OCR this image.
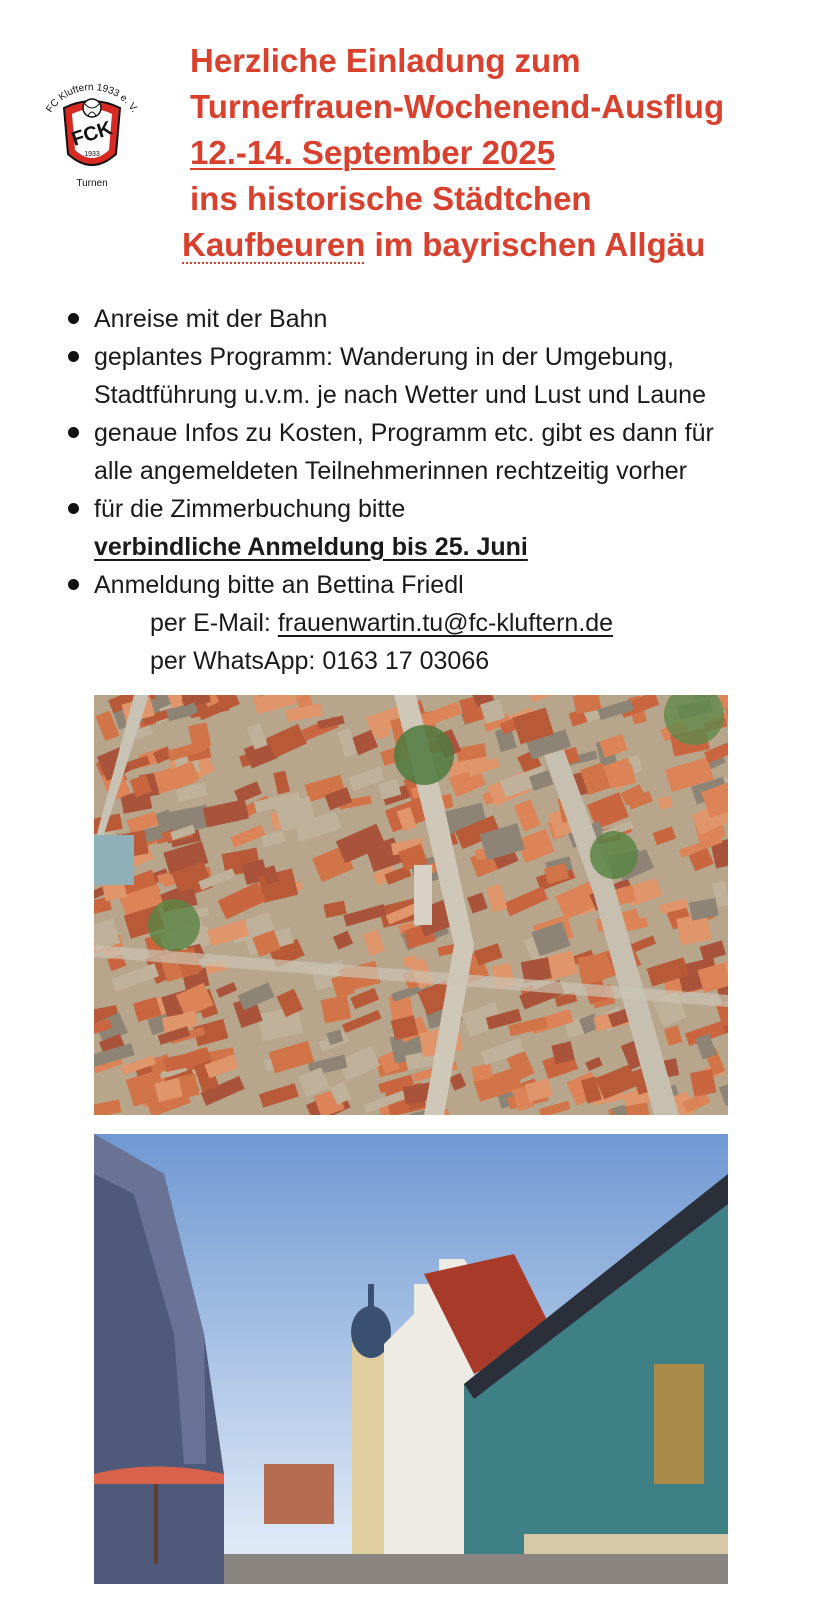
FC Kluftern 1933 e. V.
FCK
1933
Turnen
Herzliche Einladung zum
Turnerfrauen-Wochenend-Ausflug
12.-14. September 2025
ins historische Städtchen
Kaufbeuren im bayrischen Allgäu
Anreise mit der Bahn
geplantes Programm: Wanderung in der Umgebung,
Stadtführung u.v.m. je nach Wetter und Lust und Laune
genaue Infos zu Kosten, Programm etc. gibt es dann für
alle angemeldeten Teilnehmerinnen rechtzeitig vorher
für die Zimmerbuchung bitte
verbindliche Anmeldung bis 25. Juni
Anmeldung bitte an Bettina Friedl
per E-Mail: frauenwartin.tu@fc-kluftern.de
per WhatsApp: 0163 17 03066
